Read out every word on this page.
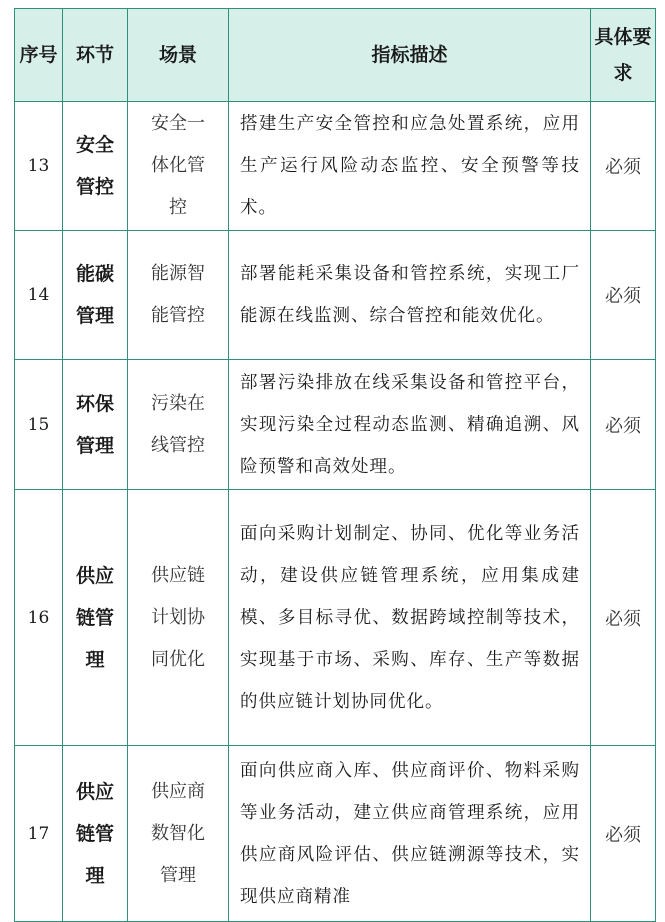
序号	环节	场景	指标描述	具体要求

13	安全管控	安全一体化管控	搭建生产安全管控和应急处置系统，应用生产运行风险动态监控、安全预警等技术。	必须
14	能碳管理	能源智能管控	部署能耗采集设备和管控系统，实现工厂能源在线监测、综合管控和能效优化。	必须
15	环保管理	污染在线管控	部署污染排放在线采集设备和管控平台，实现污染全过程动态监测、精确追溯、风险预警和高效处理。	必须
16	供应链管理	供应链计划协同优化	面向采购计划制定、协同、优化等业务活动，建设供应链管理系统，应用集成建模、多目标寻优、数据跨域控制等技术，实现基于市场、采购、库存、生产等数据的供应链计划协同优化。	必须
17	供应链管理	供应商数智化管理	面向供应商入库、供应商评价、物料采购等业务活动，建立供应商管理系统，应用供应商风险评估、供应链溯源等技术，实现供应商精准	必须
